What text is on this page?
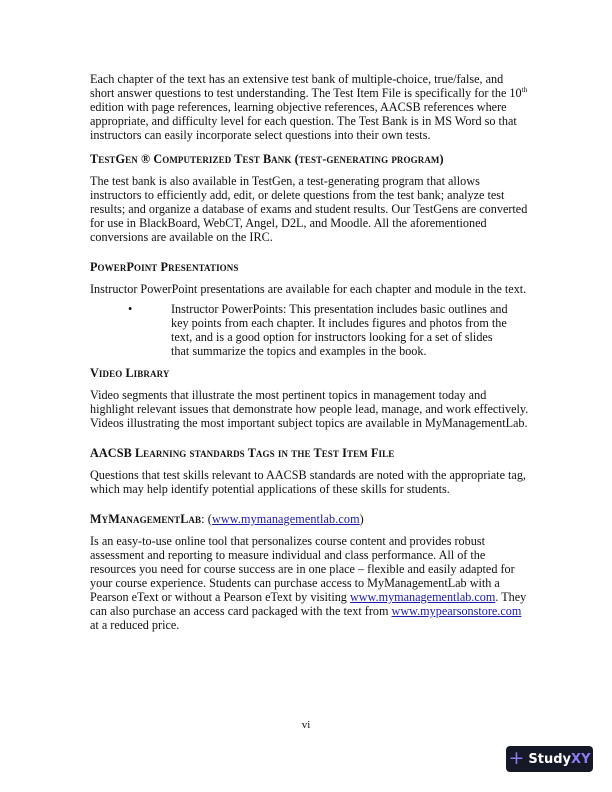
Each chapter of the text has an extensive test bank of multiple-choice, true/false, and short answer questions to test understanding. The Test Item File is specifically for the 10th edition with page references, learning objective references, AACSB references where appropriate, and difficulty level for each question. The Test Bank is in MS Word so that instructors can easily incorporate select questions into their own tests.

TestGen ® Computerized Test Bank (test-generating program)

The test bank is also available in TestGen, a test-generating program that allows instructors to efficiently add, edit, or delete questions from the test bank; analyze test results; and organize a database of exams and student results. Our TestGens are converted for use in BlackBoard, WebCT, Angel, D2L, and Moodle. All the aforementioned conversions are available on the IRC.

PowerPoint Presentations

Instructor PowerPoint presentations are available for each chapter and module in the text.

•	Instructor PowerPoints: This presentation includes basic outlines and key points from each chapter. It includes figures and photos from the text, and is a good option for instructors looking for a set of slides that summarize the topics and examples in the book.

Video Library

Video segments that illustrate the most pertinent topics in management today and highlight relevant issues that demonstrate how people lead, manage, and work effectively. Videos illustrating the most important subject topics are available in MyManagementLab.

AACSB Learning standards Tags in the Test Item File

Questions that test skills relevant to AACSB standards are noted with the appropriate tag, which may help identify potential applications of these skills for students.

MyManagementLab: (www.mymanagementlab.com)

Is an easy-to-use online tool that personalizes course content and provides robust assessment and reporting to measure individual and class performance. All of the resources you need for course success are in one place – flexible and easily adapted for your course experience. Students can purchase access to MyManagementLab with a Pearson eText or without a Pearson eText by visiting www.mymanagementlab.com. They can also purchase an access card packaged with the text from www.mypearsonstore.com at a reduced price.

vi
+ StudyXY
